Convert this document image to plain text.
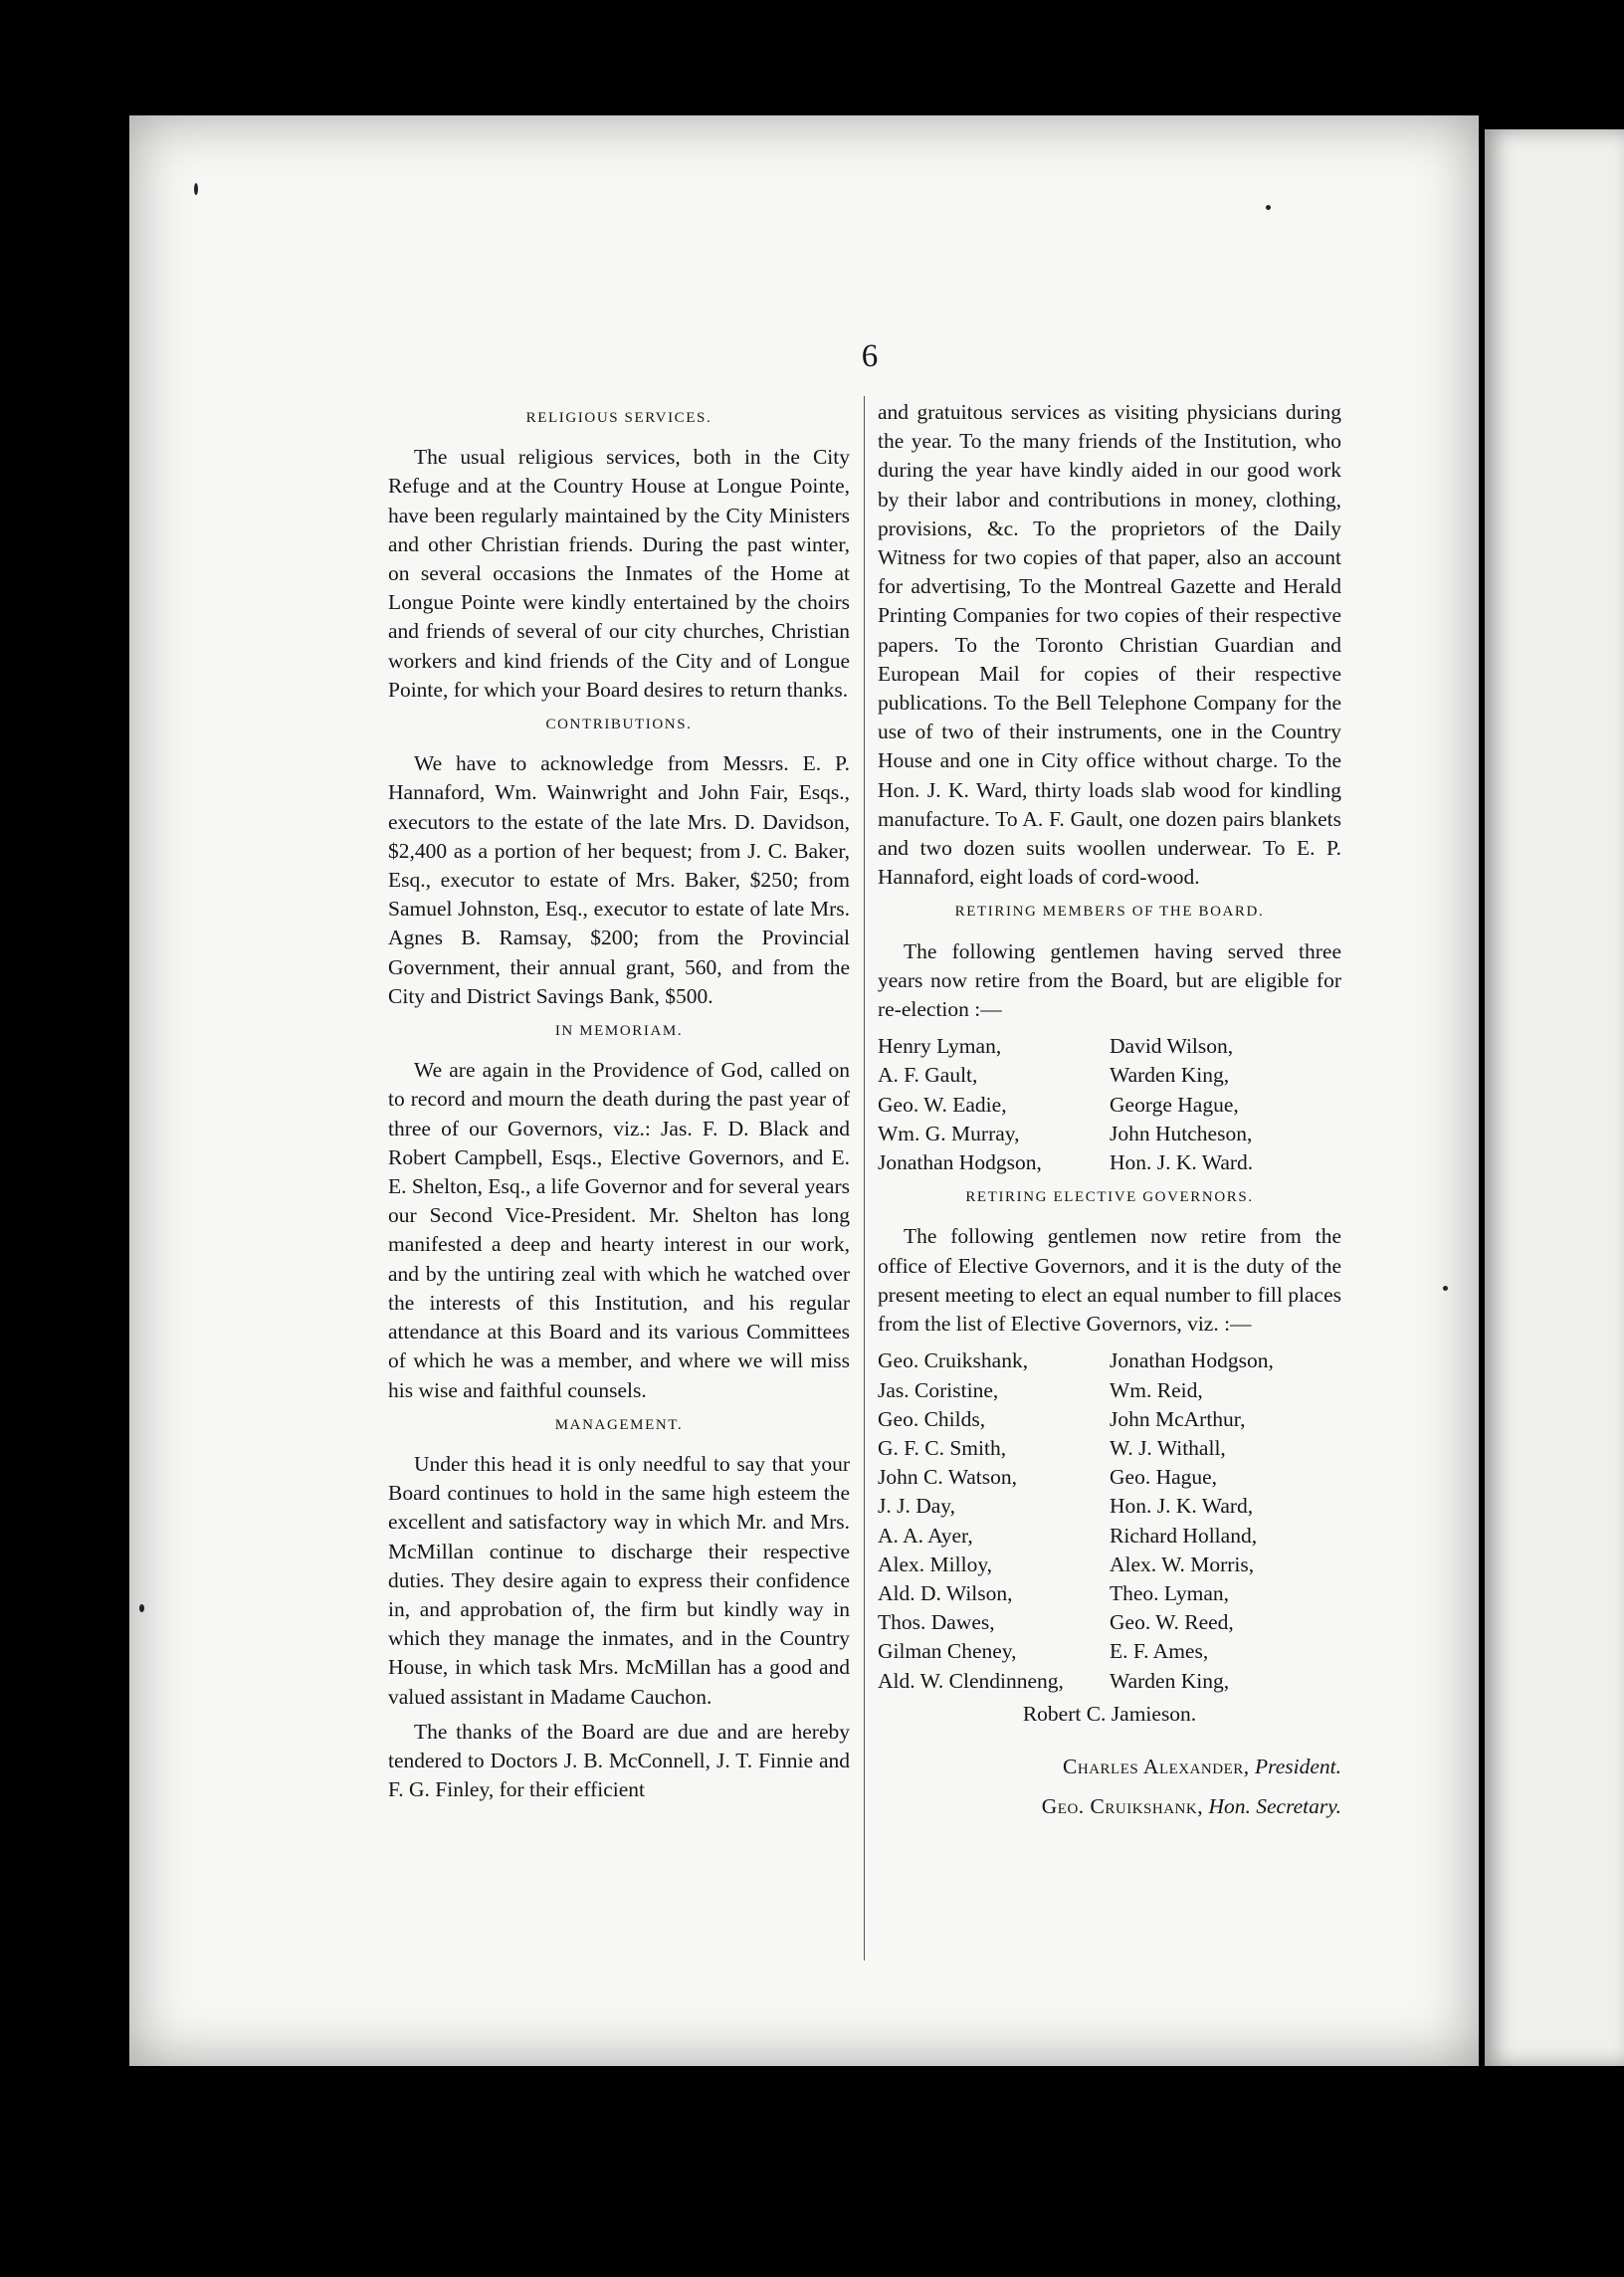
6
RELIGIOUS SERVICES.

The usual religious services, both in the City Refuge and at the Country House at Longue Pointe, have been regularly maintained by the City Ministers and other Christian friends. During the past winter, on several occasions the Inmates of the Home at Longue Pointe were kindly entertained by the choirs and friends of several of our city churches, Christian workers and kind friends of the City and of Longue Pointe, for which your Board desires to return thanks.

CONTRIBUTIONS.

We have to acknowledge from Messrs. E. P. Hannaford, Wm. Wainwright and John Fair, Esqs., executors to the estate of the late Mrs. D. Davidson, $2,400 as a portion of her bequest; from J. C. Baker, Esq., executor to estate of Mrs. Baker, $250; from Samuel Johnston, Esq., executor to estate of late Mrs. Agnes B. Ramsay, $200; from the Provincial Government, their annual grant, 560, and from the City and District Savings Bank, $500.

IN MEMORIAM.

We are again in the Providence of God, called on to record and mourn the death during the past year of three of our Governors, viz.: Jas. F. D. Black and Robert Campbell, Esqs., Elective Governors, and E. E. Shelton, Esq., a life Governor and for several years our Second Vice-President. Mr. Shelton has long manifested a deep and hearty interest in our work, and by the untiring zeal with which he watched over the interests of this Institution, and his regular attendance at this Board and its various Committees of which he was a member, and where we will miss his wise and faithful counsels.

MANAGEMENT.

Under this head it is only needful to say that your Board continues to hold in the same high esteem the excellent and satisfactory way in which Mr. and Mrs. McMillan continue to discharge their respective duties. They desire again to express their confidence in, and approbation of, the firm but kindly way in which they manage the inmates, and in the Country House, in which task Mrs. McMillan has a good and valued assistant in Madame Cauchon.

The thanks of the Board are due and are hereby tendered to Doctors J. B. McConnell, J. T. Finnie and F. G. Finley, for their efficient

and gratuitous services as visiting physicians during the year. To the many friends of the Institution, who during the year have kindly aided in our good work by their labor and contributions in money, clothing, provisions, &c. To the proprietors of the Daily Witness for two copies of that paper, also an account for advertising, To the Montreal Gazette and Herald Printing Companies for two copies of their respective papers. To the Toronto Christian Guardian and European Mail for copies of their respective publications. To the Bell Telephone Company for the use of two of their instruments, one in the Country House and one in City office without charge. To the Hon. J. K. Ward, thirty loads slab wood for kindling manufacture. To A. F. Gault, one dozen pairs blankets and two dozen suits woollen underwear. To E. P. Hannaford, eight loads of cord-wood.

RETIRING MEMBERS OF THE BOARD.

The following gentlemen having served three years now retire from the Board, but are eligible for re-election :—

Henry Lyman,
A. F. Gault,
Geo. W. Eadie,
Wm. G. Murray,
Jonathan Hodgson,
David Wilson,
Warden King,
George Hague,
John Hutcheson,
Hon. J. K. Ward.
RETIRING ELECTIVE GOVERNORS.

The following gentlemen now retire from the office of Elective Governors, and it is the duty of the present meeting to elect an equal number to fill places from the list of Elective Governors, viz. :—

Geo. Cruikshank,
Jas. Coristine,
Geo. Childs,
G. F. C. Smith,
John C. Watson,
J. J. Day,
A. A. Ayer,
Alex. Milloy,
Ald. D. Wilson,
Thos. Dawes,
Gilman Cheney,
Ald. W. Clendinneng,
Jonathan Hodgson,
Wm. Reid,
John McArthur,
W. J. Withall,
Geo. Hague,
Hon. J. K. Ward,
Richard Holland,
Alex. W. Morris,
Theo. Lyman,
Geo. W. Reed,
E. F. Ames,
Warden King,
Robert C. Jamieson.
Charles Alexander, President.
Geo. Cruikshank, Hon. Secretary.
